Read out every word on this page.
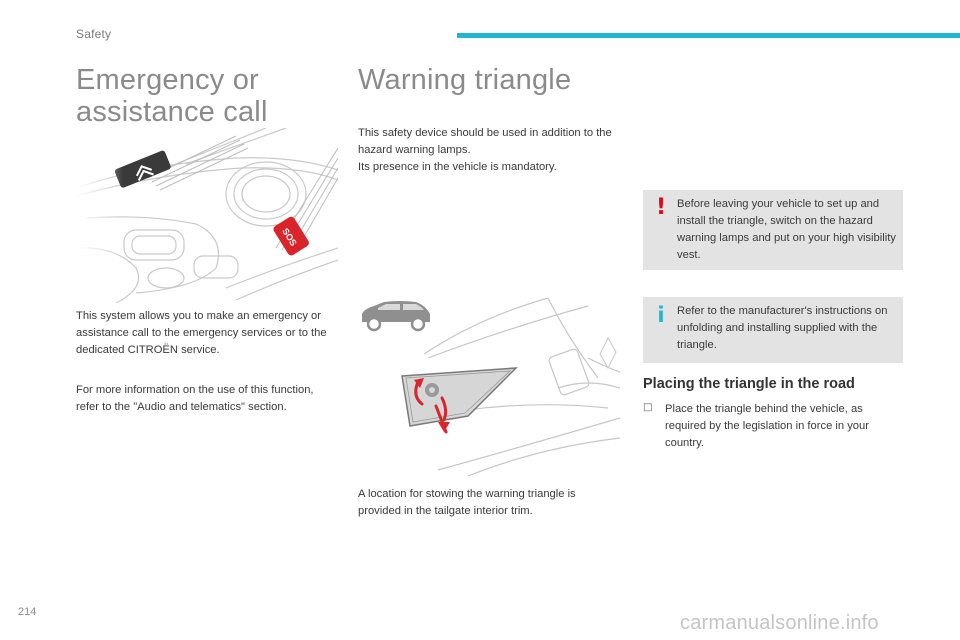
Safety
Emergency or
assistance call
This system allows you to make an emergency or assistance call to the emergency services or to the dedicated CITROËN service.
For more information on the use of this function, refer to the "Audio and telematics" section.
Warning triangle
This safety device should be used in addition to the hazard warning lamps.
Its presence in the vehicle is mandatory.
A location for stowing the warning triangle is provided in the tailgate interior trim.
! Before leaving your vehicle to set up and install the triangle, switch on the hazard warning lamps and put on your high visibility vest.
i	Refer to the manufacturer's instructions on unfolding and installing supplied with the triangle.
Placing the triangle in the road
□ Place the triangle behind the vehicle, as required by the legislation in force in your country.
214	carmanualsonline.info
